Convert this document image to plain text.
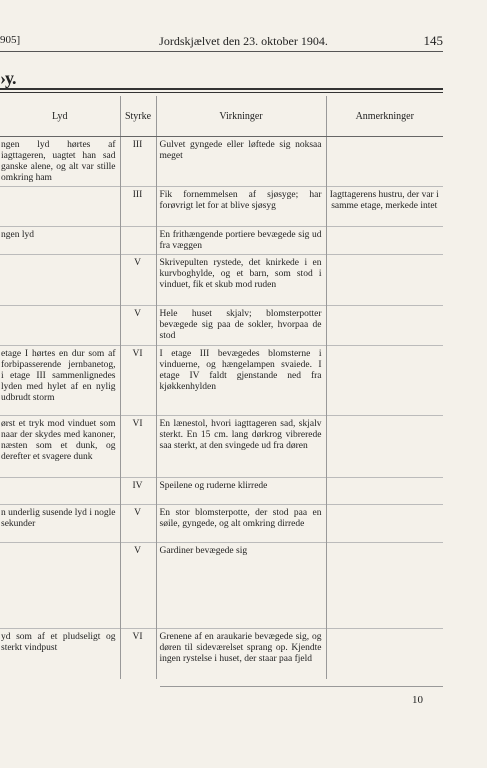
905]	Jordskjælvet den 23. oktober 1904.	145
›y.
Lyd	Styrke	Virkninger	Anmerkninger
ngen lyd hørtes af iagttageren, uagtet han sad ganske alene, og alt var stille omkring ham	III	Gulvet gyngede eller løftede sig noksaa meget	
	III	Fik fornemmelsen af sjøsyge; har forøvrigt let for at blive sjøsyg	Iagttagerens hustru, der var i samme etage, merkede intet
ngen lyd		En frithængende portiere bevægede sig ud fra væggen	
	V	Skrivepulten rystede, det knirkede i en kurvboghylde, og et barn, som stod i vinduet, fik et skub mod ruden	
	V	Hele huset skjalv; blomsterpotter bevægede sig paa de sokler, hvorpaa de stod	
etage I hørtes en dur som af forbipasserende jernbanetog, i etage III sammenlignedes lyden med hylet af en nylig udbrudt storm	VI	I etage III bevægedes blomsterne i vinduerne, og hængelampen svaiede. I etage IV faldt gjenstande ned fra kjøkkenhylden	
ørst et tryk mod vinduet som naar der skydes med kanoner, næsten som et dunk, og derefter et svagere dunk	VI	En lænestol, hvori iagttageren sad, skjalv sterkt. En 15 cm. lang dørkrog vibrerede saa sterkt, at den svingede ud fra døren	
	IV	Speilene og ruderne klirrede	
n underlig susende lyd i nogle sekunder	V	En stor blomsterpotte, der stod paa en søile, gyngede, og alt omkring dirrede	
	V	Gardiner bevægede sig	
yd som af et pludseligt og sterkt vindpust	VI	Grenene af en araukarie bevægede sig, og døren til sideværelset sprang op. Kjendte ingen rystelse i huset, der staar paa fjeld	
10
